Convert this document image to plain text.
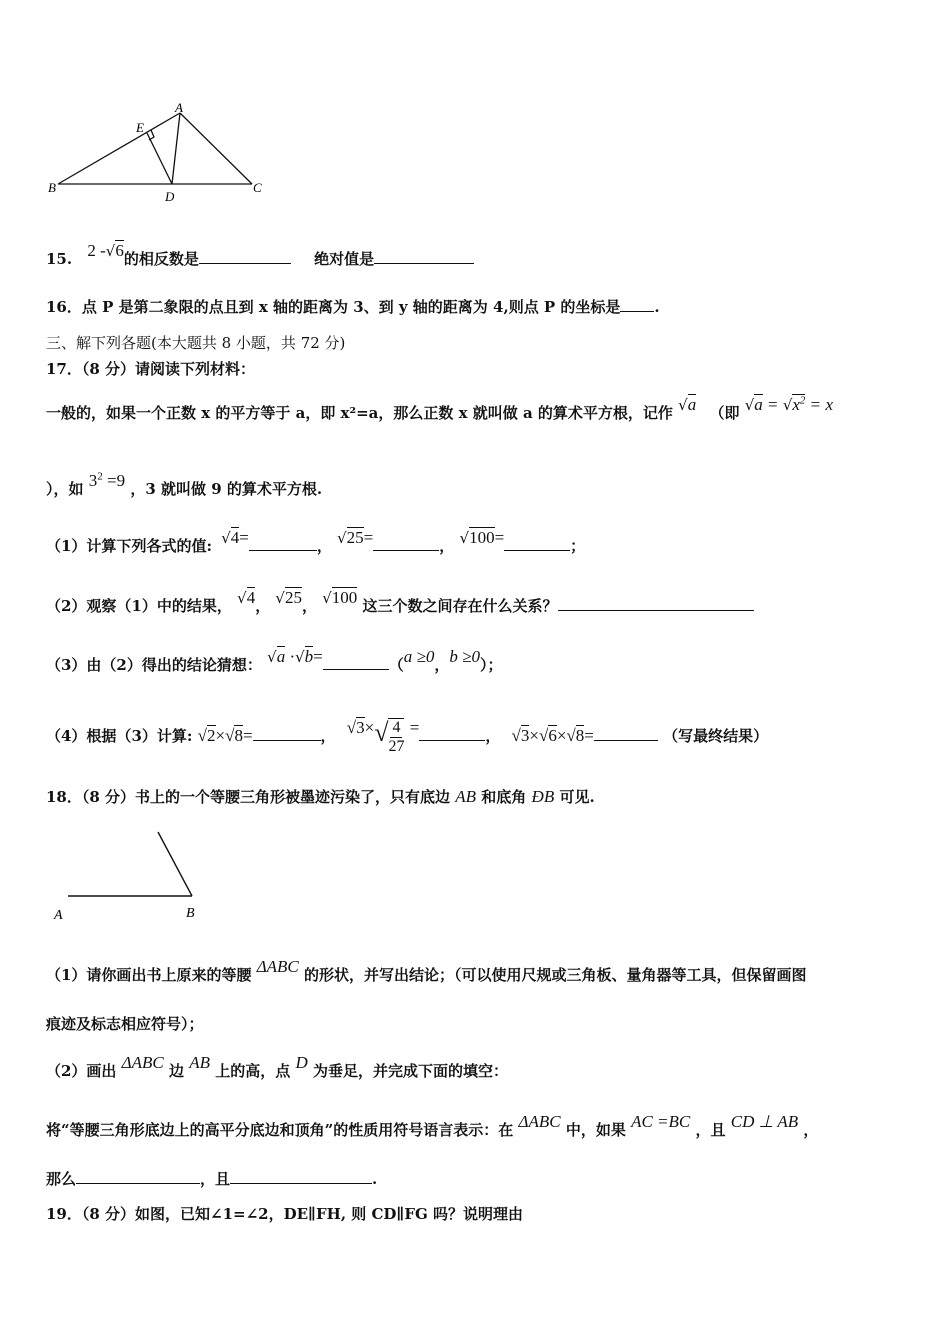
A
E
B
D
C
15. 2 -√6的相反数是	绝对值是
16．点 P 是第二象限的点且到 x 轴的距离为 3、到 y 轴的距离为 4,则点 P 的坐标是 .
三、解下列各题(本大题共 8 小题，共 72 分)
17．（8 分）请阅读下列材料：
一般的，如果一个正数 x 的平方等于 a，即 x²=a，那么正数 x 就叫做 a 的算术平方根，记作 √a （即 $√a = √x^2 = x$
），如 $3^2 =9$ ，3 就叫做 9 的算术平方根.
（1）计算下列各式的值: √4=	， √25=	， √100=	；
（2）观察（1）中的结果， √4， √25， √100 这三个数之间存在什么关系？
（3）由（2）得出的结论猜想： √a ·√b=	（a ≥0，b ≥0）；
（4）根据（3）计算: √2×√8=	， $√3\times√ \frac{4}{27}$ =	， √3×√6×√8=	（写最终结果）
18．（8 分）书上的一个等腰三角形被墨迹污染了，只有底边 AB 和底角 ÐB 可见.
A	B
（1）请你画出书上原来的等腰 ΔABC 的形状，并写出结论；（可以使用尺规或三角板、量角器等工具，但保留画图
痕迹及标志相应符号）；
（2）画出 ΔABC 边 AB 上的高，点 D 为垂足，并完成下面的填空：
将“等腰三角形底边上的高平分底边和顶角”的性质用符号语言表示：在 ΔABC 中，如果 AC =BC ，且 CD ⊥ AB ，
那么	，且	.
19．（8 分）如图，已知∠1=∠2，DE∥FH, 则 CD∥FG 吗？说明理由
